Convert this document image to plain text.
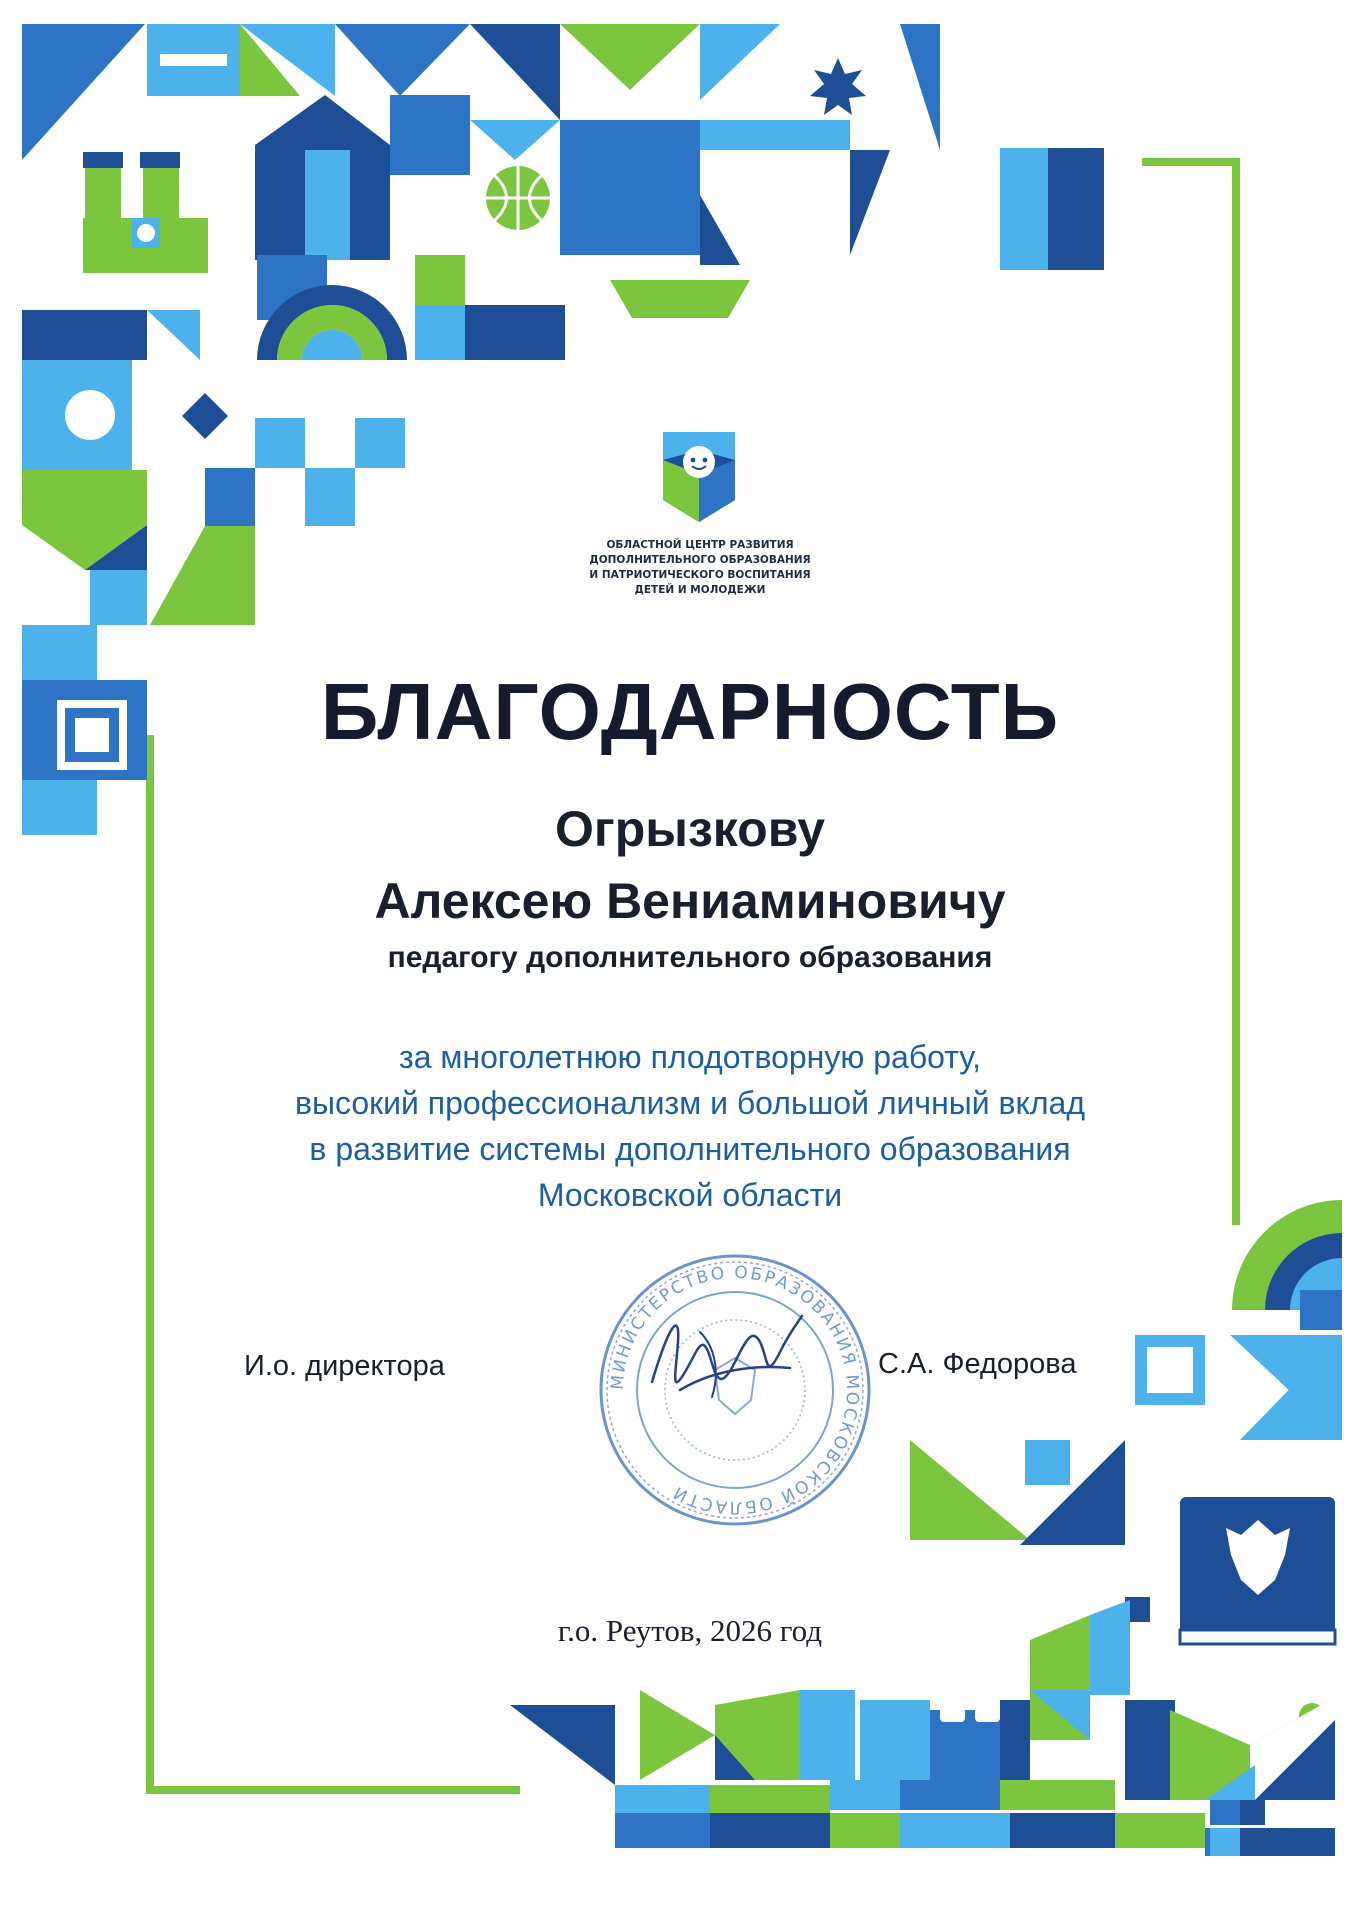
ОБЛАСТНОЙ ЦЕНТР РАЗВИТИЯ
ДОПОЛНИТЕЛЬНОГО ОБРАЗОВАНИЯ
И ПАТРИОТИЧЕСКОГО ВОСПИТАНИЯ
ДЕТЕЙ И МОЛОДЕЖИ
БЛАГОДАРНОСТЬ
Огрызкову
Алексею Вениаминовичу
педагогу дополнительного образования
за многолетнюю плодотворную работу,
высокий профессионализм и большой личный вклад
в развитие системы дополнительного образования
Московской области
МИНИСТЕРСТВО ОБРАЗОВАНИЯ МОСКОВСКОЙ ОБЛАСТИ
И.о. директора	С.А. Федорова
г.о. Реутов, 2026 год
